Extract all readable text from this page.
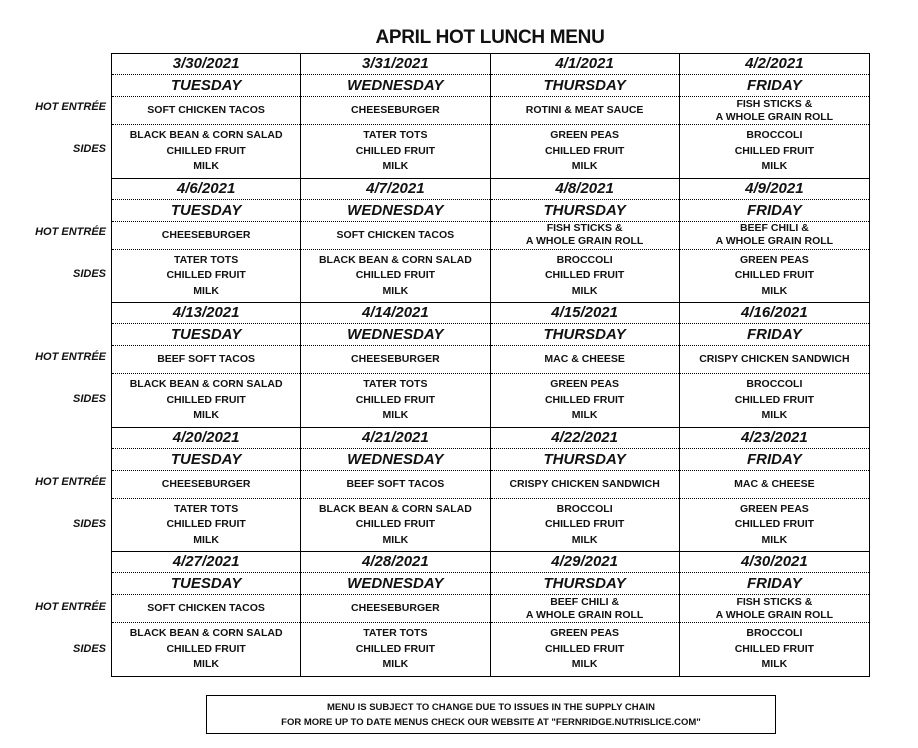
APRIL HOT LUNCH MENU
HOT ENTRÉE
SIDES
HOT ENTRÉE
SIDES
HOT ENTRÉE
SIDES
HOT ENTRÉE
SIDES
HOT ENTRÉE
SIDES
3/30/2021
TUESDAY
SOFT CHICKEN TACOS
BLACK BEAN & CORN SALAD
CHILLED FRUIT
MILK
3/31/2021
WEDNESDAY
CHEESEBURGER
TATER TOTS
CHILLED FRUIT
MILK
4/1/2021
THURSDAY
ROTINI & MEAT SAUCE
GREEN PEAS
CHILLED FRUIT
MILK
4/2/2021
FRIDAY
FISH STICKS &
A WHOLE GRAIN ROLL
BROCCOLI
CHILLED FRUIT
MILK
4/6/2021
TUESDAY
CHEESEBURGER
TATER TOTS
CHILLED FRUIT
MILK
4/7/2021
WEDNESDAY
SOFT CHICKEN TACOS
BLACK BEAN & CORN SALAD
CHILLED FRUIT
MILK
4/8/2021
THURSDAY
FISH STICKS &
A WHOLE GRAIN ROLL
BROCCOLI
CHILLED FRUIT
MILK
4/9/2021
FRIDAY
BEEF CHILI &
A WHOLE GRAIN ROLL
GREEN PEAS
CHILLED FRUIT
MILK
4/13/2021
TUESDAY
BEEF SOFT TACOS
BLACK BEAN & CORN SALAD
CHILLED FRUIT
MILK
4/14/2021
WEDNESDAY
CHEESEBURGER
TATER TOTS
CHILLED FRUIT
MILK
4/15/2021
THURSDAY
MAC & CHEESE
GREEN PEAS
CHILLED FRUIT
MILK
4/16/2021
FRIDAY
CRISPY CHICKEN SANDWICH
BROCCOLI
CHILLED FRUIT
MILK
4/20/2021
TUESDAY
CHEESEBURGER
TATER TOTS
CHILLED FRUIT
MILK
4/21/2021
WEDNESDAY
BEEF SOFT TACOS
BLACK BEAN & CORN SALAD
CHILLED FRUIT
MILK
4/22/2021
THURSDAY
CRISPY CHICKEN SANDWICH
BROCCOLI
CHILLED FRUIT
MILK
4/23/2021
FRIDAY
MAC & CHEESE
GREEN PEAS
CHILLED FRUIT
MILK
4/27/2021
TUESDAY
SOFT CHICKEN TACOS
BLACK BEAN & CORN SALAD
CHILLED FRUIT
MILK
4/28/2021
WEDNESDAY
CHEESEBURGER
TATER TOTS
CHILLED FRUIT
MILK
4/29/2021
THURSDAY
BEEF CHILI &
A WHOLE GRAIN ROLL
GREEN PEAS
CHILLED FRUIT
MILK
4/30/2021
FRIDAY
FISH STICKS &
A WHOLE GRAIN ROLL
BROCCOLI
CHILLED FRUIT
MILK
MENU IS SUBJECT TO CHANGE DUE TO ISSUES IN THE SUPPLY CHAIN
FOR MORE UP TO DATE MENUS CHECK OUR WEBSITE AT "FERNRIDGE.NUTRISLICE.COM"
